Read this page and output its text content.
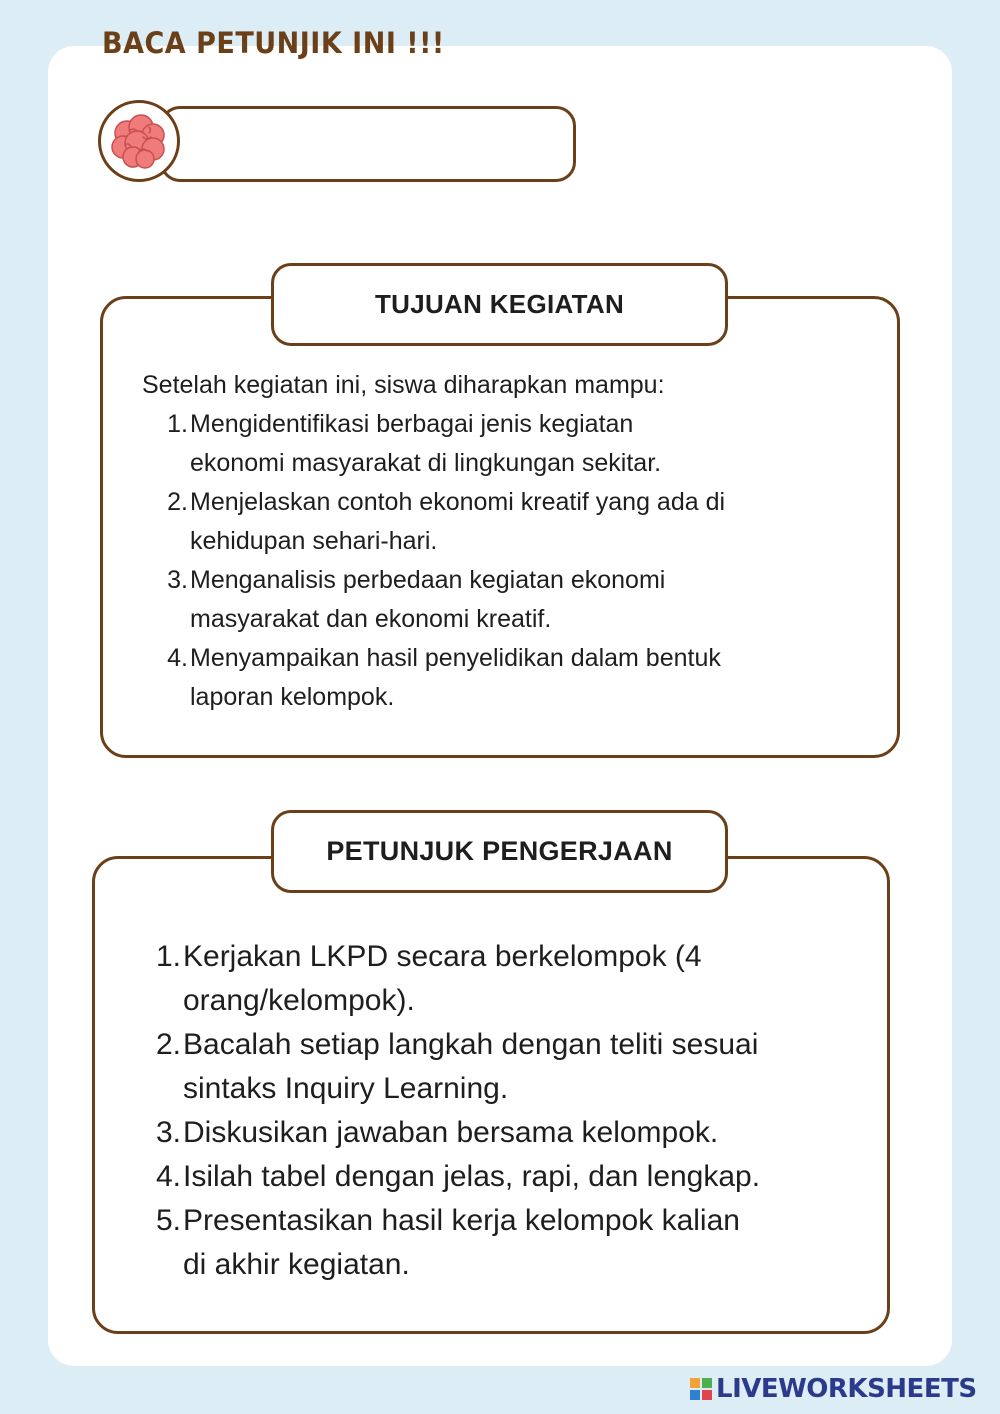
BACA PETUNJIK INI !!!
TUJUAN KEGIATAN
Setelah kegiatan ini, siswa diharapkan mampu:
1. Mengidentifikasi berbagai jenis kegiatan
ekonomi masyarakat di lingkungan sekitar.
2. Menjelaskan contoh ekonomi kreatif yang ada di
kehidupan sehari-hari.
3. Menganalisis perbedaan kegiatan ekonomi
masyarakat dan ekonomi kreatif.
4. Menyampaikan hasil penyelidikan dalam bentuk
laporan kelompok.
PETUNJUK PENGERJAAN
1. Kerjakan LKPD secara berkelompok (4
orang/kelompok).
2. Bacalah setiap langkah dengan teliti sesuai
sintaks Inquiry Learning.
3. Diskusikan jawaban bersama kelompok.
4. Isilah tabel dengan jelas, rapi, dan lengkap.
5. Presentasikan hasil kerja kelompok kalian
di akhir kegiatan.
LIVEWORKSHEETS
